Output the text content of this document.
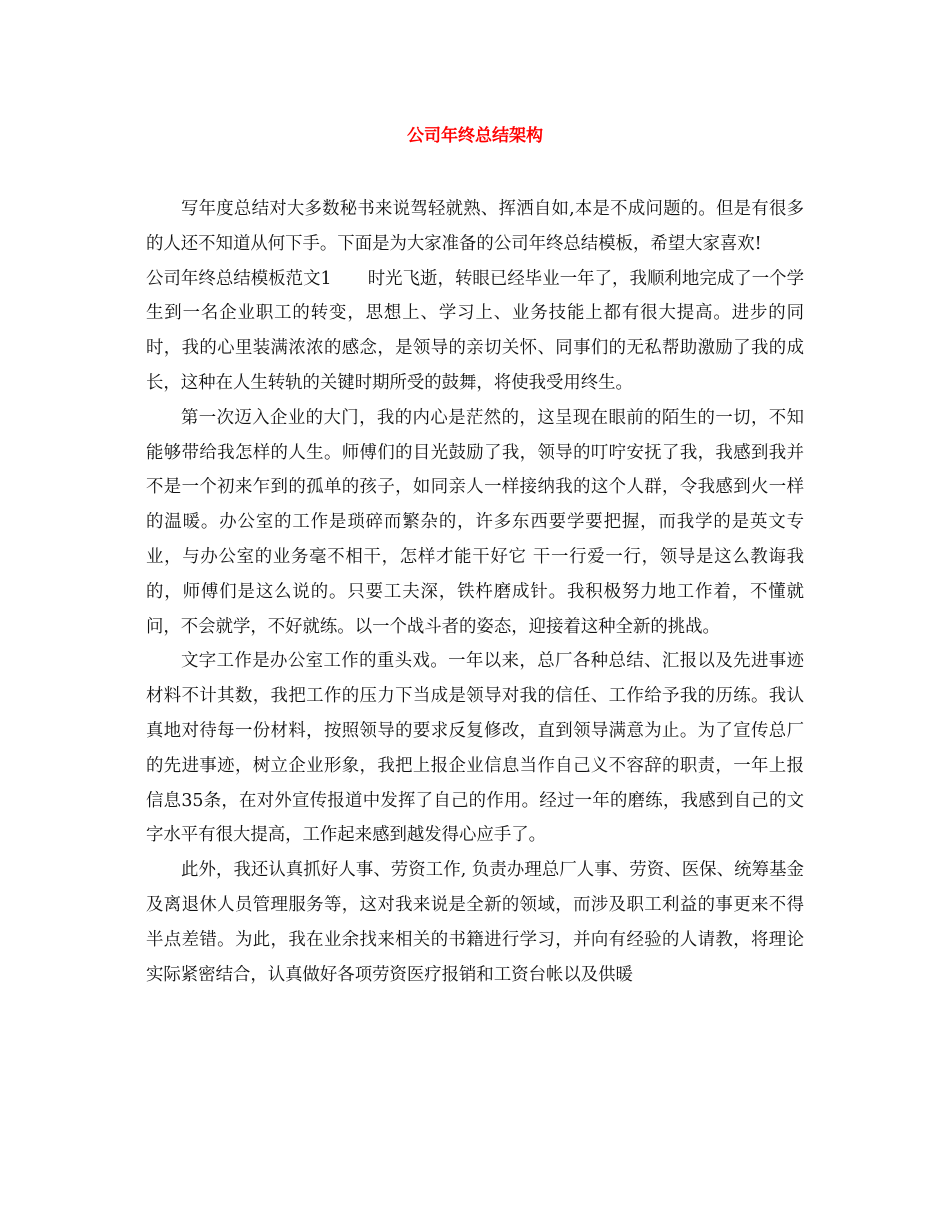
公司年终总结架构

写年度总结对大多数秘书来说驾轻就熟、挥洒自如,本是不成问题的。但是有很多的人还不知道从何下手。下面是为大家准备的公司年终总结模板，希望大家喜欢!

公司年终总结模板范文1 时光飞逝，转眼已经毕业一年了，我顺利地完成了一个学生到一名企业职工的转变，思想上、学习上、业务技能上都有很大提高。进步的同时，我的心里装满浓浓的感念，是领导的亲切关怀、同事们的无私帮助激励了我的成长，这种在人生转轨的关键时期所受的鼓舞，将使我受用终生。

第一次迈入企业的大门，我的内心是茫然的，这呈现在眼前的陌生的一切，不知能够带给我怎样的人生。师傅们的目光鼓励了我，领导的叮咛安抚了我，我感到我并不是一个初来乍到的孤单的孩子，如同亲人一样接纳我的这个人群，令我感到火一样的温暖。办公室的工作是琐碎而繁杂的，许多东西要学要把握，而我学的是英文专业，与办公室的业务毫不相干，怎样才能干好它 干一行爱一行，领导是这么教诲我的，师傅们是这么说的。只要工夫深，铁杵磨成针。我积极努力地工作着，不懂就问，不会就学，不好就练。以一个战斗者的姿态，迎接着这种全新的挑战。

文字工作是办公室工作的重头戏。一年以来，总厂各种总结、汇报以及先进事迹材料不计其数，我把工作的压力下当成是领导对我的信任、工作给予我的历练。我认真地对待每一份材料，按照领导的要求反复修改，直到领导满意为止。为了宣传总厂的先进事迹，树立企业形象，我把上报企业信息当作自己义不容辞的职责，一年上报信息35条，在对外宣传报道中发挥了自己的作用。经过一年的磨练，我感到自己的文字水平有很大提高，工作起来感到越发得心应手了。

此外，我还认真抓好人事、劳资工作, 负责办理总厂人事、劳资、医保、统筹基金及离退休人员管理服务等，这对我来说是全新的领域，而涉及职工利益的事更来不得半点差错。为此，我在业余找来相关的书籍进行学习，并向有经验的人请教，将理论实际紧密结合，认真做好各项劳资医疗报销和工资台帐以及供暖
